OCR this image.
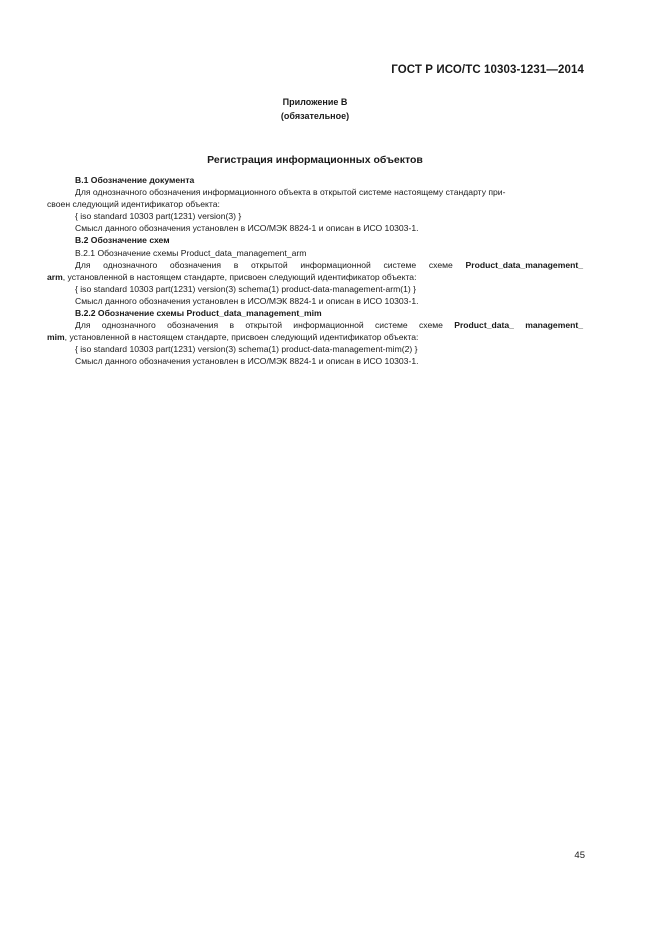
ГОСТ Р ИСО/ТС 10303-1231—2014
Приложение В
(обязательное)
Регистрация информационных объектов
В.1 Обозначение документа
Для однозначного обозначения информационного объекта в открытой системе настоящему стандарту при-
своен следующий идентификатор объекта:
{ iso standard 10303 part(1231) version(3) }
Смысл данного обозначения установлен в ИСО/МЭК 8824-1 и описан в ИСО 10303-1.
В.2 Обозначение схем
В.2.1 Обозначение схемы Product_data_management_arm
Для однозначного обозначения в открытой информационной системе схеме Product_data_management_
arm, установленной в настоящем стандарте, присвоен следующий идентификатор объекта:
{ iso standard 10303 part(1231) version(3) schema(1) product-data-management-arm(1) }
Смысл данного обозначения установлен в ИСО/МЭК 8824-1 и описан в ИСО 10303-1.
В.2.2 Обозначение схемы Product_data_management_mim
Для однозначного обозначения в открытой информационной системе схеме Product_data_ management_
mim, установленной в настоящем стандарте, присвоен следующий идентификатор объекта:
{ iso standard 10303 part(1231) version(3) schema(1) product-data-management-mim(2) }
Смысл данного обозначения установлен в ИСО/МЭК 8824-1 и описан в ИСО 10303-1.
45
